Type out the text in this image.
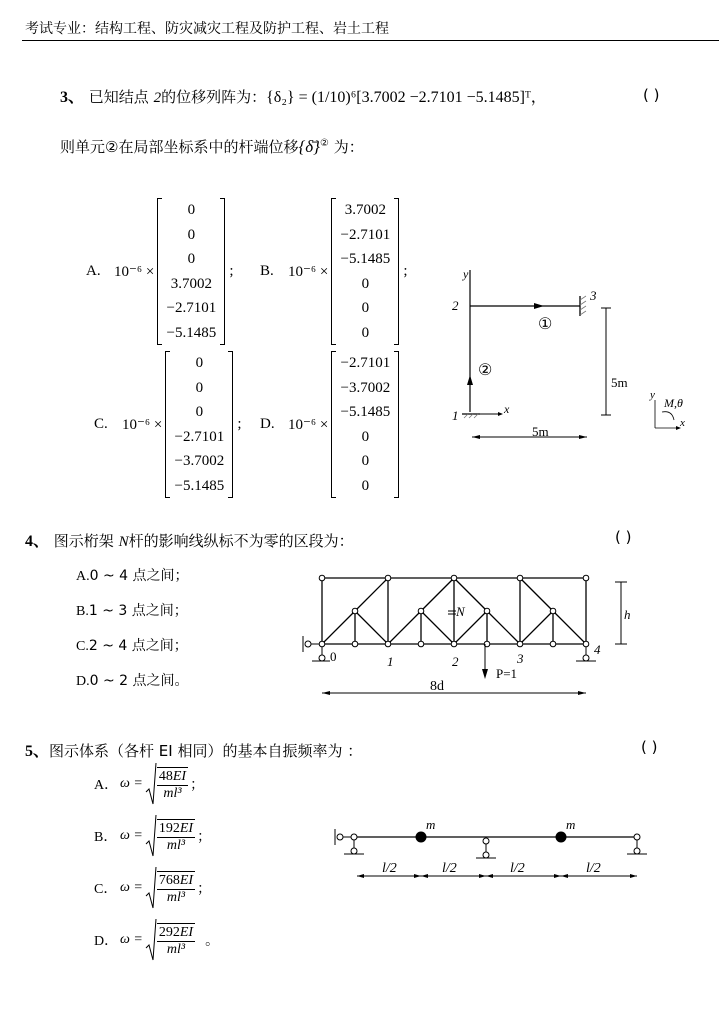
考试专业：结构工程、防灾减灾工程及防护工程、岩土工程
3、 已知结点 2的位移列阵为：{δ₂} = (1/10)⁶[3.7002 −2.7101 −5.1485]ᵀ，	( )
则单元②在局部坐标系中的杆端位移{δ̄}② 为：
A. 10⁻⁶ ×
0
0
0
3.7002
−2.7101
−5.1485
; B. 10⁻⁶ ×
3.7002
−2.7101
−5.1485
0
0
0
;
C. 10⁻⁶ ×
0
0
0
−2.7101
−3.7002
−5.1485
; D. 10⁻⁶ ×
−2.7101
−3.7002
−5.1485
0
0
0
x
y
1
2
3
①
②
5m
5m
y
x
M,θ
4、 图示桁架 N杆的影响线纵标不为零的区段为：	( )
A.0 ~ 4 点之间；
B.1 ~ 3 点之间；
C.2 ~ 4 点之间；
D.0 ~ 2 点之间。
0	1	2	3
4
N
P=1
h
8d
5、图示体系（各杆 EI 相同）的基本自振频率为 ：	( )
A． $\omega = \frac{48EI}{\text{ml³}}$ ；
B． $\omega = \frac{192EI}{\text{ml³}}$ ；
C． $\omega = \frac{768EI}{\text{ml³}}$ ；
D． $\omega = \frac{292EI}{\text{ml³}}$ 。
m	m
l/2	l/2	l/2	l/2
